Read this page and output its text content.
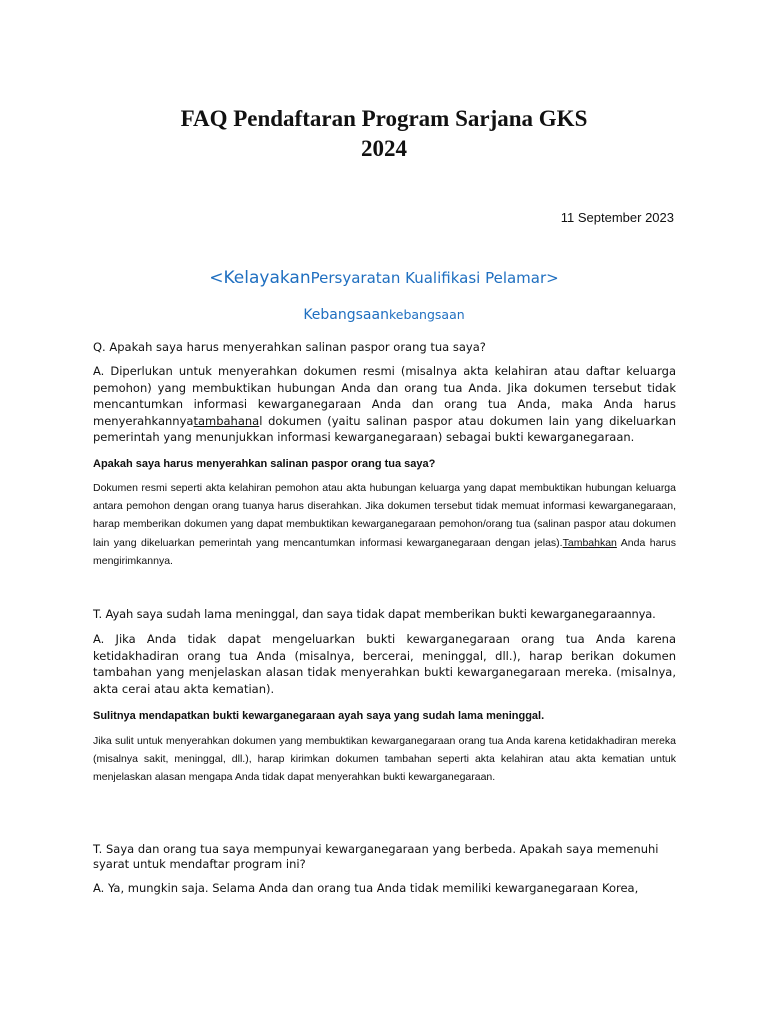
FAQ Pendaftaran Program Sarjana GKS
2024
11 September 2023
<KelayakanPersyaratan Kualifikasi Pelamar>
Kebangsaankebangsaan

Q. Apakah saya harus menyerahkan salinan paspor orang tua saya?

A. Diperlukan untuk menyerahkan dokumen resmi (misalnya akta kelahiran atau daftar keluarga pemohon) yang membuktikan hubungan Anda dan orang tua Anda. Jika dokumen tersebut tidak mencantumkan informasi kewarganegaraan Anda dan orang tua Anda, maka Anda harus menyerahkannyatambahanal dokumen (yaitu salinan paspor atau dokumen lain yang dikeluarkan pemerintah yang menunjukkan informasi kewarganegaraan) sebagai bukti kewarganegaraan.

Apakah saya harus menyerahkan salinan paspor orang tua saya?

Dokumen resmi seperti akta kelahiran pemohon atau akta hubungan keluarga yang dapat membuktikan hubungan keluarga antara pemohon dengan orang tuanya harus diserahkan. Jika dokumen tersebut tidak memuat informasi kewarganegaraan, harap memberikan dokumen yang dapat membuktikan kewarganegaraan pemohon/orang tua (salinan paspor atau dokumen lain yang dikeluarkan pemerintah yang mencantumkan informasi kewarganegaraan dengan jelas).Tambahkan Anda harus mengirimkannya.

T. Ayah saya sudah lama meninggal, dan saya tidak dapat memberikan bukti kewarganegaraannya.

A. Jika Anda tidak dapat mengeluarkan bukti kewarganegaraan orang tua Anda karena ketidakhadiran orang tua Anda (misalnya, bercerai, meninggal, dll.), harap berikan dokumen tambahan yang menjelaskan alasan tidak menyerahkan bukti kewarganegaraan mereka. (misalnya, akta cerai atau akta kematian).

Sulitnya mendapatkan bukti kewarganegaraan ayah saya yang sudah lama meninggal.

Jika sulit untuk menyerahkan dokumen yang membuktikan kewarganegaraan orang tua Anda karena ketidakhadiran mereka (misalnya sakit, meninggal, dll.), harap kirimkan dokumen tambahan seperti akta kelahiran atau akta kematian untuk menjelaskan alasan mengapa Anda tidak dapat menyerahkan bukti kewarganegaraan.

T. Saya dan orang tua saya mempunyai kewarganegaraan yang berbeda. Apakah saya memenuhi syarat untuk mendaftar program ini?

A. Ya, mungkin saja. Selama Anda dan orang tua Anda tidak memiliki kewarganegaraan Korea,
